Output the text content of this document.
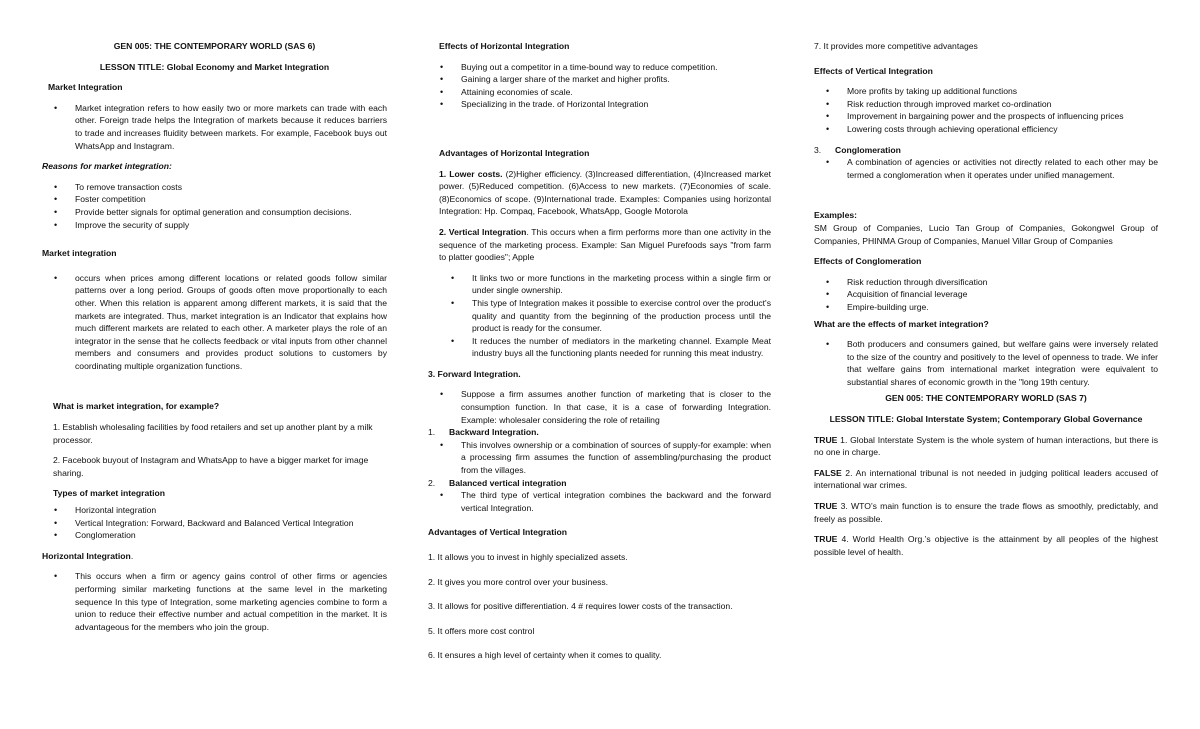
GEN 005: THE CONTEMPORARY WORLD (SAS 6)
LESSON TITLE: Global Economy and Market Integration
Market Integration
• Market integration refers to how easily two or more markets can trade with each other. Foreign trade helps the Integration of markets because it reduces barriers to trade and increases fluidity between markets. For example, Facebook buys out WhatsApp and Instagram.
Reasons for market integration:
• To remove transaction costs
• Foster competition
• Provide better signals for optimal generation and consumption decisions.
• Improve the security of supply
Market integration
• occurs when prices among different locations or related goods follow similar patterns over a long period. Groups of goods often move proportionally to each other. When this relation is apparent among different markets, it is said that the markets are integrated. Thus, market integration is an Indicator that explains how much different markets are related to each other. A marketer plays the role of an integrator in the sense that he collects feedback or vital inputs from other channel members and consumers and provides product solutions to customers by coordinating multiple organization functions.
What is market integration, for example?
1. Establish wholesaling facilities by food retailers and set up another plant by a milk processor.
2. Facebook buyout of Instagram and WhatsApp to have a bigger market for image sharing.
Types of market integration
• Horizontal integration
• Vertical Integration: Forward, Backward and Balanced Vertical Integration
• Conglomeration
Horizontal Integration.
• This occurs when a firm or agency gains control of other firms or agencies performing similar marketing functions at the same level in the marketing sequence In this type of Integration, some marketing agencies combine to form a union to reduce their effective number and actual competition in the market. It is advantageous for the members who join the group.
Effects of Horizontal Integration
• Buying out a competitor in a time-bound way to reduce competition.
• Gaining a larger share of the market and higher profits.
• Attaining economies of scale.
• Specializing in the trade. of Horizontal Integration
Advantages of Horizontal Integration
1. Lower costs. (2)Higher efficiency. (3)Increased differentiation, (4)Increased market power. (5)Reduced competition. (6)Access to new markets. (7)Economies of scale. (8)Economics of scope. (9)International trade. Examples: Companies using horizontal Integration: Hp. Compaq, Facebook, WhatsApp, Google Motorola
2. Vertical Integration. This occurs when a firm performs more than one activity in the sequence of the marketing process. Example: San Miguel Purefoods says "from farm to platter goodies"; Apple
• It links two or more functions in the marketing process within a single firm or under single ownership.
• This type of Integration makes it possible to exercise control over the product's quality and quantity from the beginning of the production process until the product is ready for the consumer.
• It reduces the number of mediators in the marketing channel. Example Meat industry buys all the functioning plants needed for running this meat industry.
3. Forward Integration.
• Suppose a firm assumes another function of marketing that is closer to the consumption function. In that case, it is a case of forwarding Integration. Example: wholesaler considering the role of retailing
1. Backward Integration.
• This involves ownership or a combination of sources of supply-for example: when a processing firm assumes the function of assembling/purchasing the product from the villages.
2. Balanced vertical integration
• The third type of vertical integration combines the backward and the forward vertical Integration.
Advantages of Vertical Integration
1. It allows you to invest in highly specialized assets.
2. It gives you more control over your business.
3. It allows for positive differentiation. 4 # requires lower costs of the transaction.
5. It offers more cost control
6. It ensures a high level of certainty when it comes to quality.
7. It provides more competitive advantages
Effects of Vertical Integration
• More profits by taking up additional functions
• Risk reduction through improved market co-ordination
• Improvement in bargaining power and the prospects of influencing prices
• Lowering costs through achieving operational efficiency
3. Conglomeration
• A combination of agencies or activities not directly related to each other may be termed a conglomeration when it operates under unified management.
Examples:
SM Group of Companies, Lucio Tan Group of Companies, Gokongwel Group of Companies, PHINMA Group of Companies, Manuel Villar Group of Companies
Effects of Conglomeration
• Risk reduction through diversification
• Acquisition of financial leverage
• Empire-building urge.
What are the effects of market integration?
• Both producers and consumers gained, but welfare gains were inversely related to the size of the country and positively to the level of openness to trade. We infer that welfare gains from international market integration were equivalent to substantial shares of economic growth in the "long 19th century.
GEN 005: THE CONTEMPORARY WORLD (SAS 7)
LESSON TITLE: Global Interstate System; Contemporary Global Governance
TRUE 1. Global Interstate System is the whole system of human interactions, but there is no one in charge.
FALSE 2. An international tribunal is not needed in judging political leaders accused of international war crimes.
TRUE 3. WTO’s main function is to ensure the trade flows as smoothly, predictably, and freely as possible.
TRUE 4. World Health Org.’s objective is the attainment by all peoples of the highest possible level of health.
